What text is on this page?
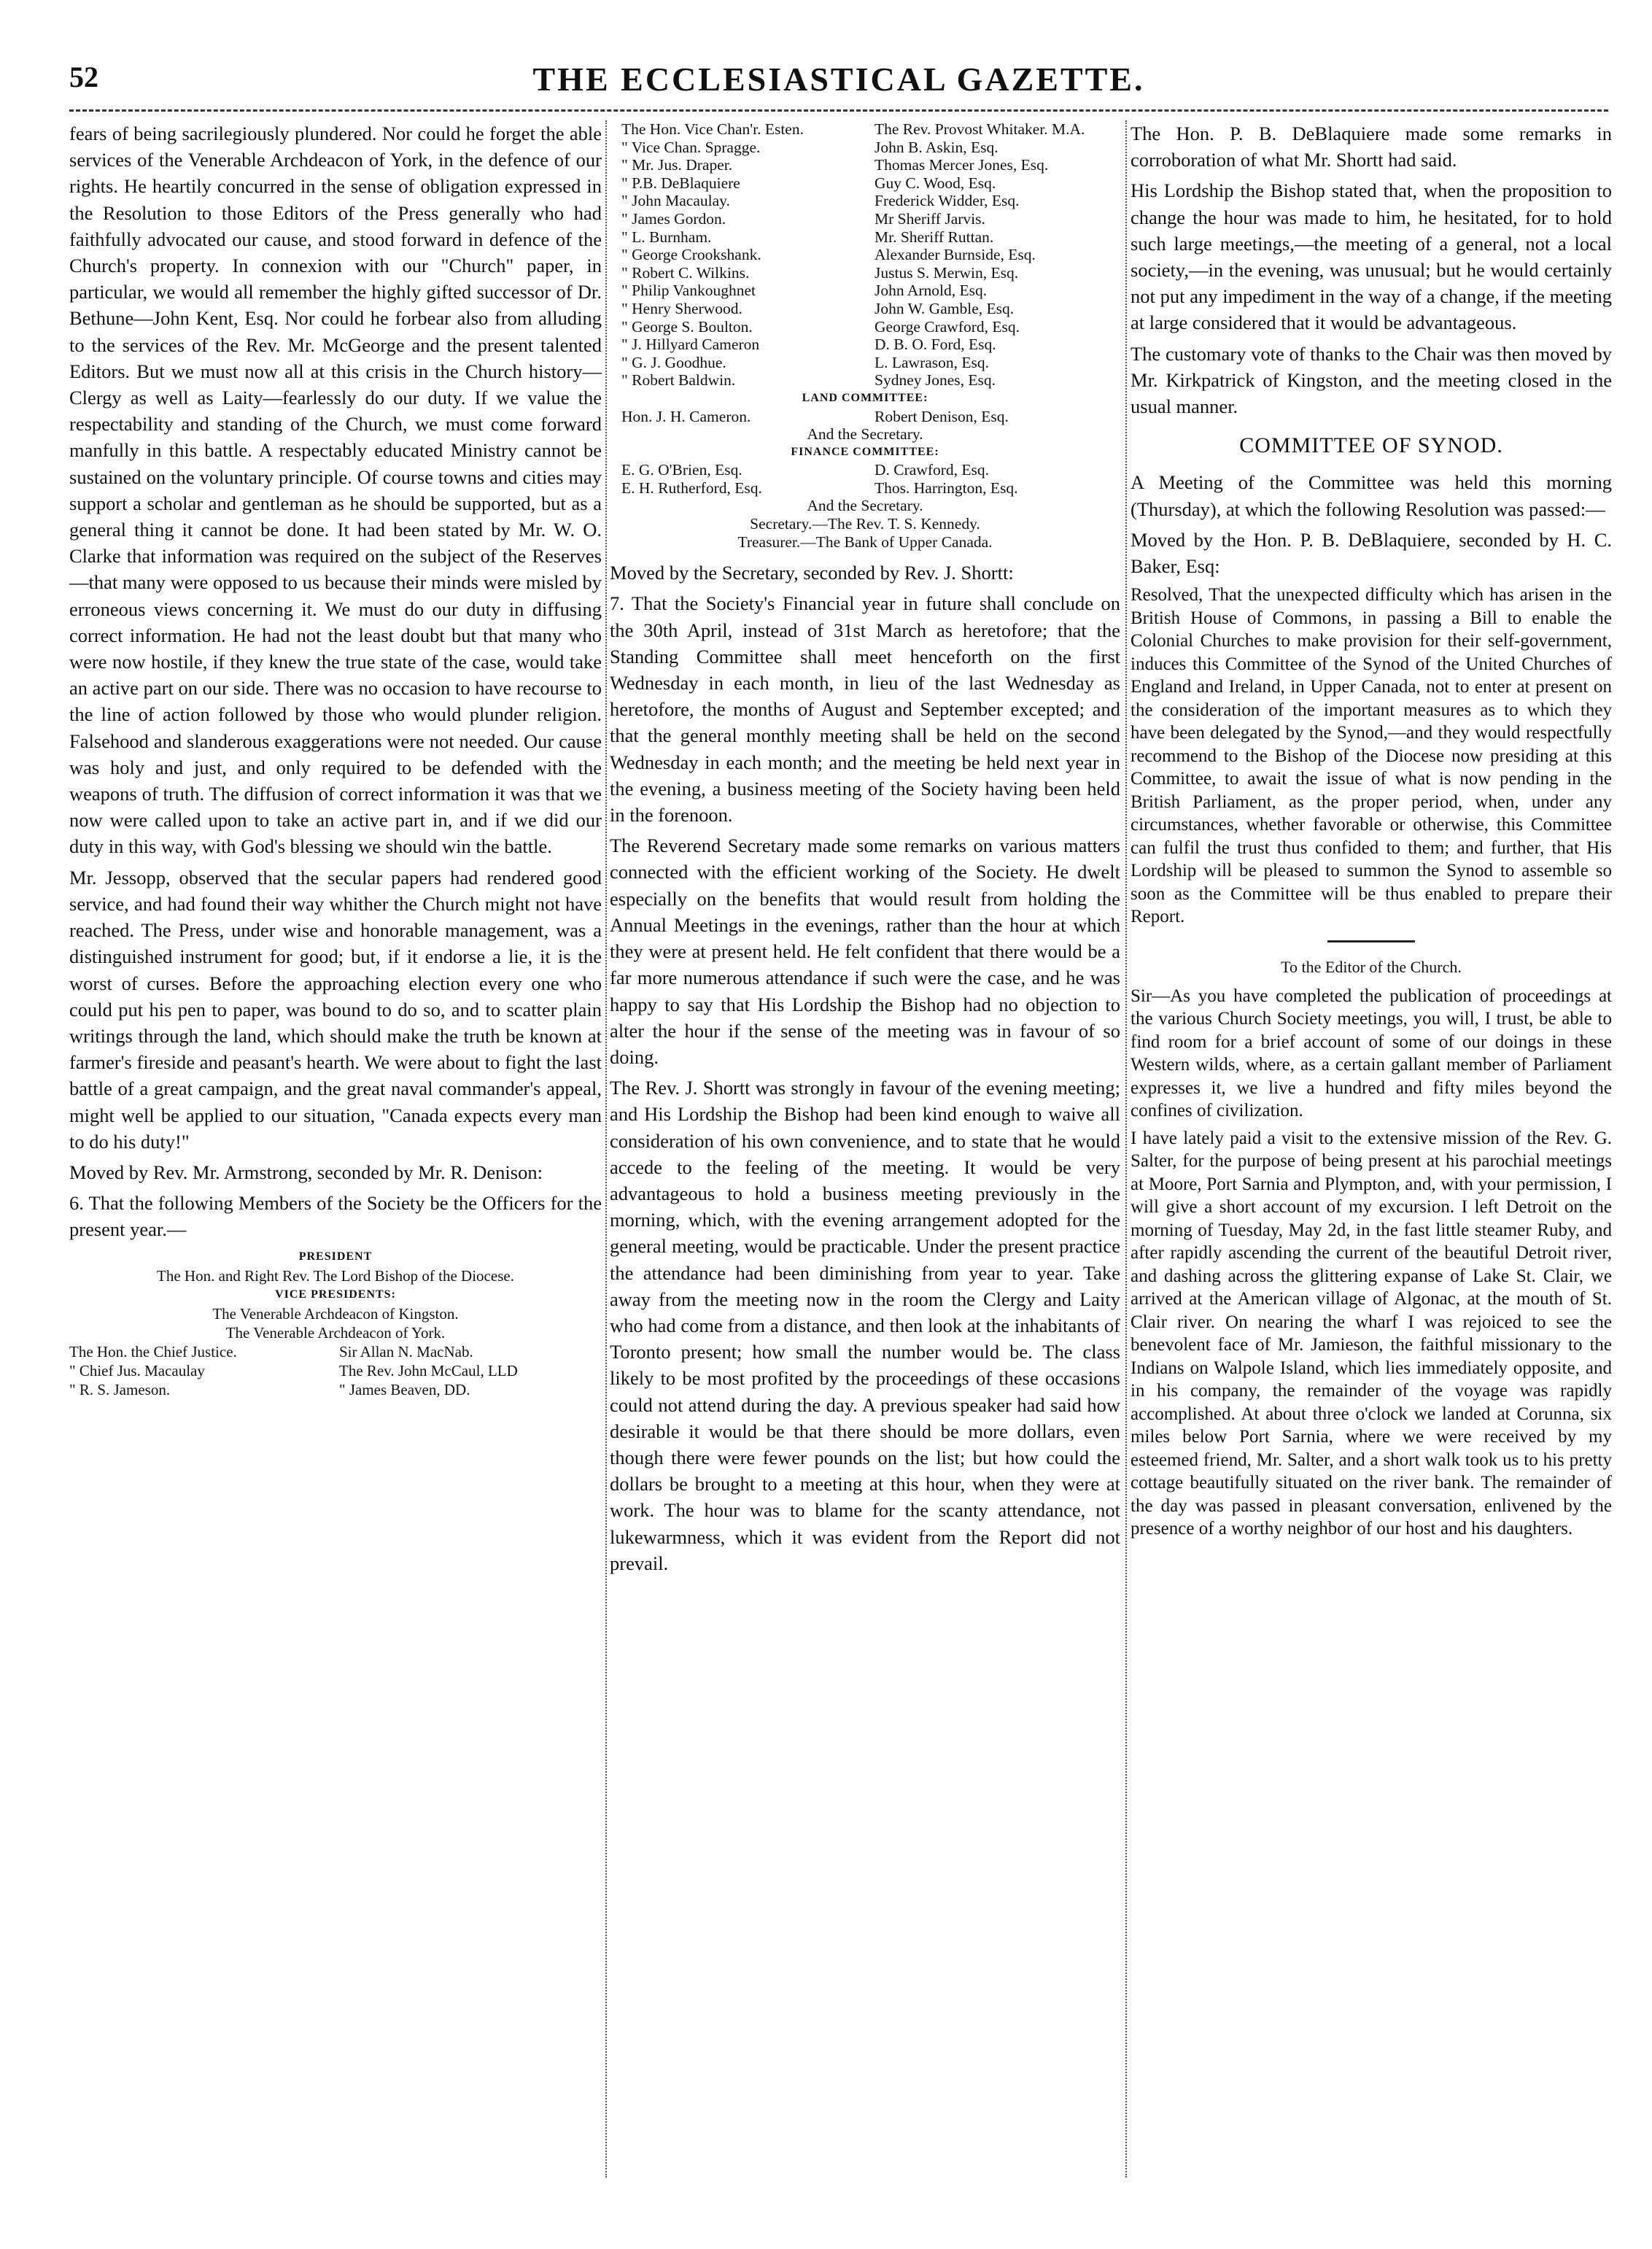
THE ECCLESIASTICAL GAZETTE.
52

fears of being sacrilegiously plundered. Nor could he forget the able services of the Venerable Archdeacon of York, in the defence of our rights. He heartily concurred in the sense of obligation expressed in the Resolution to those Editors of the Press generally who had faithfully advocated our cause, and stood forward in defence of the Church's property. In connexion with our "Church" paper, in particular, we would all remember the highly gifted successor of Dr. Bethune—John Kent, Esq. Nor could he forbear also from alluding to the services of the Rev. Mr. McGeorge and the present talented Editors. But we must now all at this crisis in the Church history—Clergy as well as Laity—fearlessly do our duty. If we value the respectability and standing of the Church, we must come forward manfully in this battle. A respectably educated Ministry cannot be sustained on the voluntary principle. Of course towns and cities may support a scholar and gentleman as he should be supported, but as a general thing it cannot be done. It had been stated by Mr. W. O. Clarke that information was required on the subject of the Reserves—that many were opposed to us because their minds were misled by erroneous views concerning it. We must do our duty in diffusing correct information. He had not the least doubt but that many who were now hostile, if they knew the true state of the case, would take an active part on our side. There was no occasion to have recourse to the line of action followed by those who would plunder religion. Falsehood and slanderous exaggerations were not needed. Our cause was holy and just, and only required to be defended with the weapons of truth. The diffusion of correct information it was that we now were called upon to take an active part in, and if we did our duty in this way, with God's blessing we should win the battle.

Mr. Jessopp, observed that the secular papers had rendered good service, and had found their way whither the Church might not have reached. The Press, under wise and honorable management, was a distinguished instrument for good; but, if it endorse a lie, it is the worst of curses. Before the approaching election every one who could put his pen to paper, was bound to do so, and to scatter plain writings through the land, which should make the truth be known at farmer's fireside and peasant's hearth. We were about to fight the last battle of a great campaign, and the great naval commander's appeal, might well be applied to our situation, "Canada expects every man to do his duty!"

Moved by Rev. Mr. Armstrong, seconded by Mr. R. Denison:

6. That the following Members of the Society be the Officers for the present year.—

PRESIDENT
The Hon. and Right Rev. The Lord Bishop of the Diocese.
VICE PRESIDENTS:
The Venerable Archdeacon of Kingston.
The Venerable Archdeacon of York.
The Hon. the Chief Justice.	Sir Allan N. MacNab.
" Chief Jus. Macaulay	The Rev. John McCaul, LLD
" R. S. Jameson.	" James Beaven, DD.
The Hon. Vice Chan'r. Esten.	The Rev. Provost Whitaker. M.A.
" Vice Chan. Spragge.	John B. Askin, Esq.
" Mr. Jus. Draper.	Thomas Mercer Jones, Esq.
" P.B. DeBlaquiere	Guy C. Wood, Esq.
" John Macaulay.	Frederick Widder, Esq.
" James Gordon.	Mr Sheriff Jarvis.
" L. Burnham.	Mr. Sheriff Ruttan.
" George Crookshank.	Alexander Burnside, Esq.
" Robert C. Wilkins.	Justus S. Merwin, Esq.
" Philip Vankoughnet	John Arnold, Esq.
" Henry Sherwood.	John W. Gamble, Esq.
" George S. Boulton.	George Crawford, Esq.
" J. Hillyard Cameron	D. B. O. Ford, Esq.
" G. J. Goodhue.	L. Lawrason, Esq.
" Robert Baldwin.	Sydney Jones, Esq.
LAND COMMITTEE:
Hon. J. H. Cameron.	Robert Denison, Esq.
And the Secretary.
FINANCE COMMITTEE:
E. G. O'Brien, Esq.	D. Crawford, Esq.
E. H. Rutherford, Esq.	Thos. Harrington, Esq.
And the Secretary.
Secretary.—The Rev. T. S. Kennedy.
Treasurer.—The Bank of Upper Canada.

Moved by the Secretary, seconded by Rev. J. Shortt:

7. That the Society's Financial year in future shall conclude on the 30th April, instead of 31st March as heretofore; that the Standing Committee shall meet henceforth on the first Wednesday in each month, in lieu of the last Wednesday as heretofore, the months of August and September excepted; and that the general monthly meeting shall be held on the second Wednesday in each month; and the meeting be held next year in the evening, a business meeting of the Society having been held in the forenoon.

The Reverend Secretary made some remarks on various matters connected with the efficient working of the Society. He dwelt especially on the benefits that would result from holding the Annual Meetings in the evenings, rather than the hour at which they were at present held. He felt confident that there would be a far more numerous attendance if such were the case, and he was happy to say that His Lordship the Bishop had no objection to alter the hour if the sense of the meeting was in favour of so doing.

The Rev. J. Shortt was strongly in favour of the evening meeting; and His Lordship the Bishop had been kind enough to waive all consideration of his own convenience, and to state that he would accede to the feeling of the meeting. It would be very advantageous to hold a business meeting previously in the morning, which, with the evening arrangement adopted for the general meeting, would be practicable. Under the present practice the attendance had been diminishing from year to year. Take away from the meeting now in the room the Clergy and Laity who had come from a distance, and then look at the inhabitants of Toronto present; how small the number would be. The class likely to be most profited by the proceedings of these occasions could not attend during the day. A previous speaker had said how desirable it would be that there should be more dollars, even though there were fewer pounds on the list; but how could the dollars be brought to a meeting at this hour, when they were at work. The hour was to blame for the scanty attendance, not lukewarmness, which it was evident from the Report did not prevail.

The Hon. P. B. DeBlaquiere made some remarks in corroboration of what Mr. Shortt had said.

His Lordship the Bishop stated that, when the proposition to change the hour was made to him, he hesitated, for to hold such large meetings,—the meeting of a general, not a local society,—in the evening, was unusual; but he would certainly not put any impediment in the way of a change, if the meeting at large considered that it would be advantageous.

The customary vote of thanks to the Chair was then moved by Mr. Kirkpatrick of Kingston, and the meeting closed in the usual manner.

COMMITTEE OF SYNOD.

A Meeting of the Committee was held this morning (Thursday), at which the following Resolution was passed:—

Moved by the Hon. P. B. DeBlaquiere, seconded by H. C. Baker, Esq:

Resolved, That the unexpected difficulty which has arisen in the British House of Commons, in passing a Bill to enable the Colonial Churches to make provision for their self-government, induces this Committee of the Synod of the United Churches of England and Ireland, in Upper Canada, not to enter at present on the consideration of the important measures as to which they have been delegated by the Synod,—and they would respectfully recommend to the Bishop of the Diocese now presiding at this Committee, to await the issue of what is now pending in the British Parliament, as the proper period, when, under any circumstances, whether favorable or otherwise, this Committee can fulfil the trust thus confided to them; and further, that His Lordship will be pleased to summon the Synod to assemble so soon as the Committee will be thus enabled to prepare their Report.

To the Editor of the Church.

Sir—As you have completed the publication of proceedings at the various Church Society meetings, you will, I trust, be able to find room for a brief account of some of our doings in these Western wilds, where, as a certain gallant member of Parliament expresses it, we live a hundred and fifty miles beyond the confines of civilization.

I have lately paid a visit to the extensive mission of the Rev. G. Salter, for the purpose of being present at his parochial meetings at Moore, Port Sarnia and Plympton, and, with your permission, I will give a short account of my excursion. I left Detroit on the morning of Tuesday, May 2d, in the fast little steamer Ruby, and after rapidly ascending the current of the beautiful Detroit river, and dashing across the glittering expanse of Lake St. Clair, we arrived at the American village of Algonac, at the mouth of St. Clair river. On nearing the wharf I was rejoiced to see the benevolent face of Mr. Jamieson, the faithful missionary to the Indians on Walpole Island, which lies immediately opposite, and in his company, the remainder of the voyage was rapidly accomplished. At about three o'clock we landed at Corunna, six miles below Port Sarnia, where we were received by my esteemed friend, Mr. Salter, and a short walk took us to his pretty cottage beautifully situated on the river bank. The remainder of the day was passed in pleasant conversation, enlivened by the presence of a worthy neighbor of our host and his daughters.
